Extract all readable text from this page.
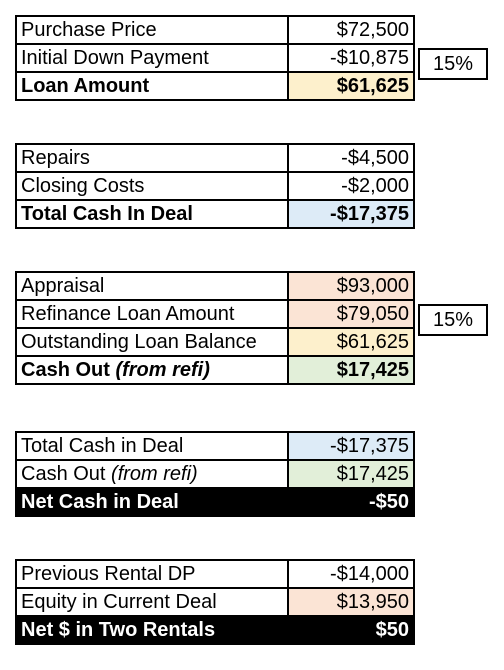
Purchase Price	$72,500
Initial Down Payment	-$10,875
Loan Amount	$61,625
15%
Repairs	-$4,500
Closing Costs	-$2,000
Total Cash In Deal	-$17,375
Appraisal	$93,000
Refinance Loan Amount	$79,050
Outstanding Loan Balance	$61,625
Cash Out (from refi)	$17,425
15%
Total Cash in Deal	-$17,375
Cash Out (from refi)	$17,425
Net Cash in Deal	-$50
Previous Rental DP	-$14,000
Equity in Current Deal	$13,950
Net $ in Two Rentals	$50
